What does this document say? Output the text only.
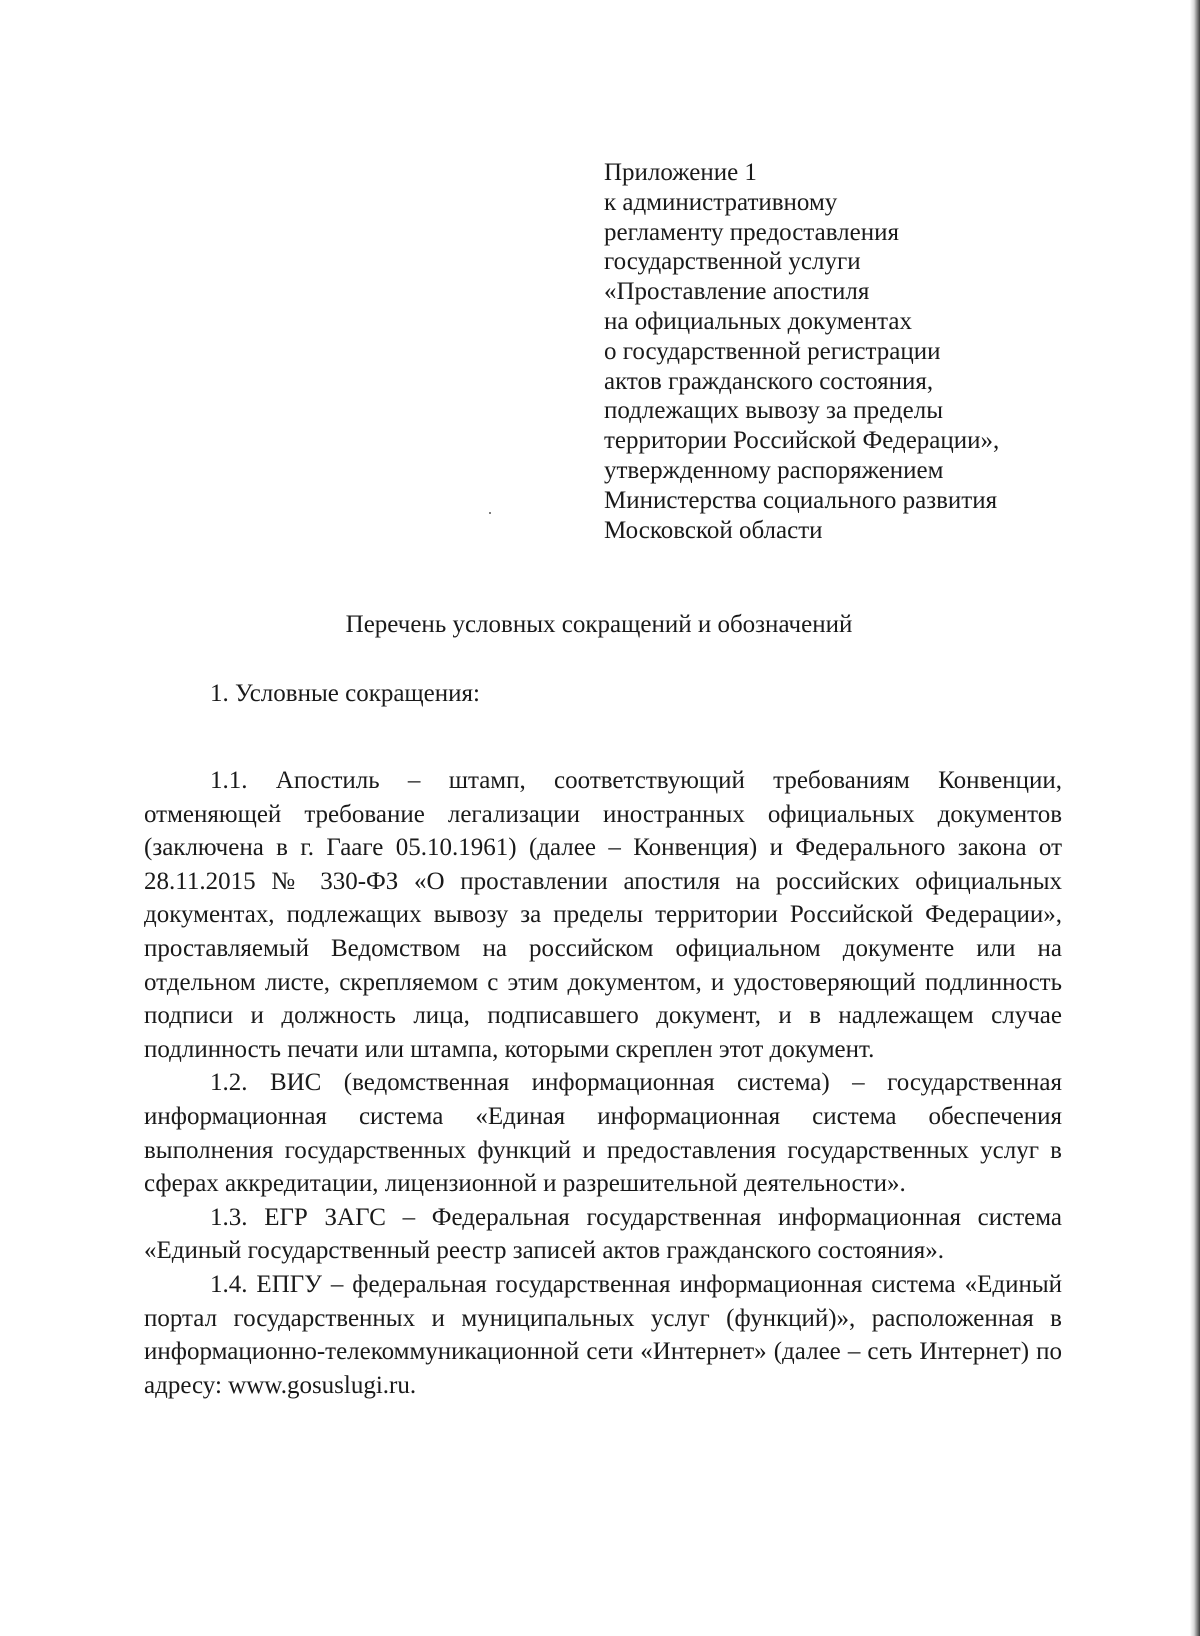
Приложение 1
к административному
регламенту предоставления
государственной услуги
«Проставление апостиля
на официальных документах
о государственной регистрации
актов гражданского состояния,
подлежащих вывозу за пределы
территории Российской Федерации»,
утвержденному распоряжением
Министерства социального развития
Московской области
Перечень условных сокращений и обозначений
1. Условные сокращения:

1.1. Апостиль – штамп, соответствующий требованиям Конвенции, отменяющей требование легализации иностранных официальных документов (заключена в г. Гааге 05.10.1961) (далее – Конвенция) и Федерального закона от 28.11.2015 № 330-ФЗ «О проставлении апостиля на российских официальных документах, подлежащих вывозу за пределы территории Российской Федерации», проставляемый Ведомством на российском официальном документе или на отдельном листе, скрепляемом с этим документом, и удостоверяющий подлинность подписи и должность лица, подписавшего документ, и в надлежащем случае подлинность печати или штампа, которыми скреплен этот документ.

1.2. ВИС (ведомственная информационная система) – государственная информационная система «Единая информационная система обеспечения выполнения государственных функций и предоставления государственных услуг в сферах аккредитации, лицензионной и разрешительной деятельности».

1.3. ЕГР ЗАГС – Федеральная государственная информационная система «Единый государственный реестр записей актов гражданского состояния».

1.4. ЕПГУ – федеральная государственная информационная система «Единый портал государственных и муниципальных услуг (функций)», расположенная в информационно-телекоммуникационной сети «Интернет» (далее – сеть Интернет) по адресу: www.gosuslugi.ru.
